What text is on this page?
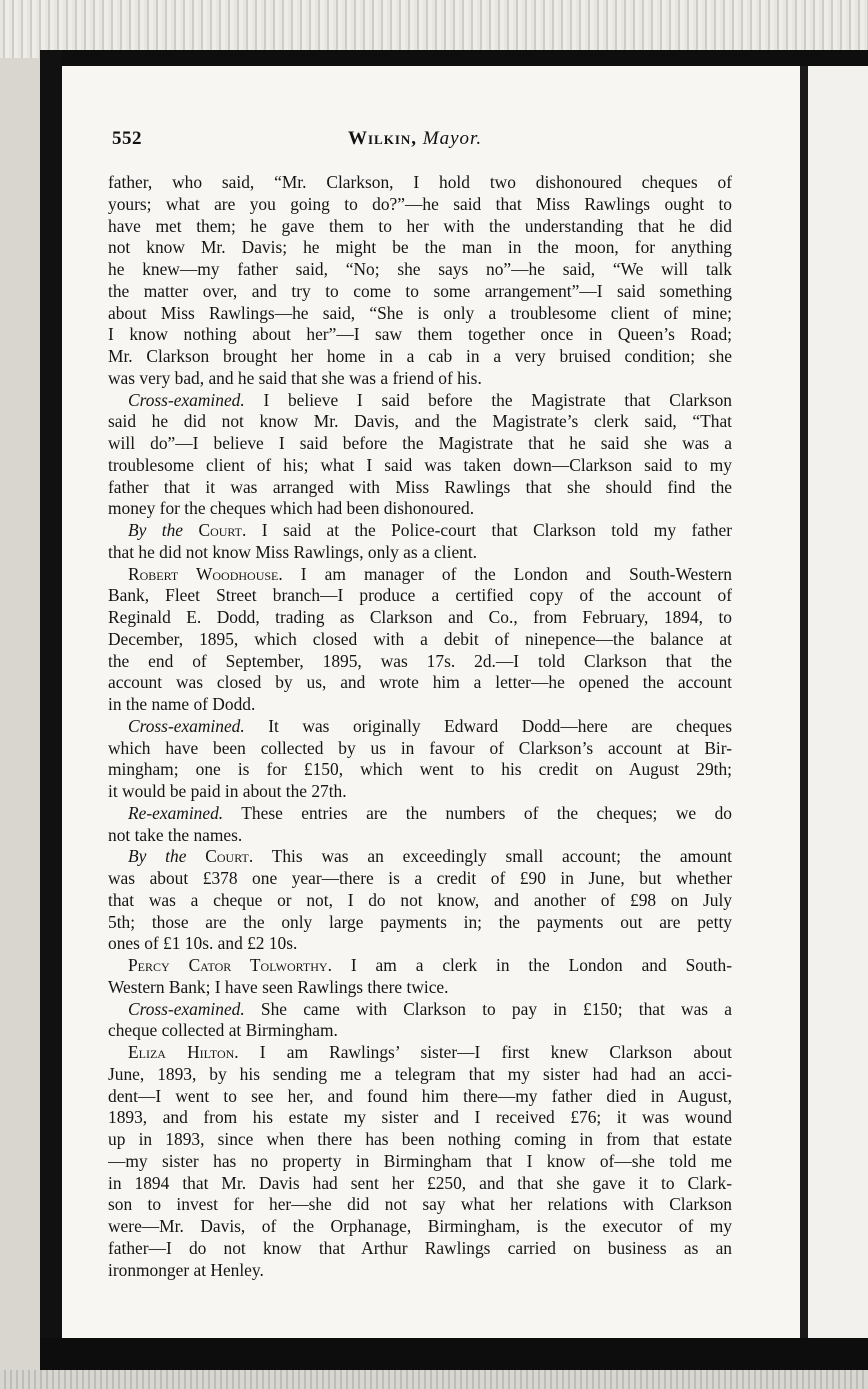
552	Wilkin, Mayor.
father, who said, “Mr. Clarkson, I hold two dishonoured cheques of
yours; what are you going to do?”—he said that Miss Rawlings ought to
have met them; he gave them to her with the understanding that he did
not know Mr. Davis; he might be the man in the moon, for anything
he knew—my father said, “No; she says no”—he said, “We will talk
the matter over, and try to come to some arrangement”—I said something
about Miss Rawlings—he said, “She is only a troublesome client of mine;
I know nothing about her”—I saw them together once in Queen’s Road;
Mr. Clarkson brought her home in a cab in a very bruised condition; she
was very bad, and he said that she was a friend of his.
Cross-examined. I believe I said before the Magistrate that Clarkson
said he did not know Mr. Davis, and the Magistrate’s clerk said, “That
will do”—I believe I said before the Magistrate that he said she was a
troublesome client of his; what I said was taken down—Clarkson said to my
father that it was arranged with Miss Rawlings that she should find the
money for the cheques which had been dishonoured.
By the Court. I said at the Police-court that Clarkson told my father
that he did not know Miss Rawlings, only as a client.
Robert Woodhouse. I am manager of the London and South-Western
Bank, Fleet Street branch—I produce a certified copy of the account of
Reginald E. Dodd, trading as Clarkson and Co., from February, 1894, to
December, 1895, which closed with a debit of ninepence—the balance at
the end of September, 1895, was 17s. 2d.—I told Clarkson that the
account was closed by us, and wrote him a letter—he opened the account
in the name of Dodd.
Cross-examined. It was originally Edward Dodd—here are cheques
which have been collected by us in favour of Clarkson’s account at Bir-
mingham; one is for £150, which went to his credit on August 29th;
it would be paid in about the 27th.
Re-examined. These entries are the numbers of the cheques; we do
not take the names.
By the Court. This was an exceedingly small account; the amount
was about £378 one year—there is a credit of £90 in June, but whether
that was a cheque or not, I do not know, and another of £98 on July
5th; those are the only large payments in; the payments out are petty
ones of £1 10s. and £2 10s.
Percy Cator Tolworthy. I am a clerk in the London and South-
Western Bank; I have seen Rawlings there twice.
Cross-examined. She came with Clarkson to pay in £150; that was a
cheque collected at Birmingham.
Eliza Hilton. I am Rawlings’ sister—I first knew Clarkson about
June, 1893, by his sending me a telegram that my sister had had an acci-
dent—I went to see her, and found him there—my father died in August,
1893, and from his estate my sister and I received £76; it was wound
up in 1893, since when there has been nothing coming in from that estate
—my sister has no property in Birmingham that I know of—she told me
in 1894 that Mr. Davis had sent her £250, and that she gave it to Clark-
son to invest for her—she did not say what her relations with Clarkson
were—Mr. Davis, of the Orphanage, Birmingham, is the executor of my
father—I do not know that Arthur Rawlings carried on business as an
ironmonger at Henley.
